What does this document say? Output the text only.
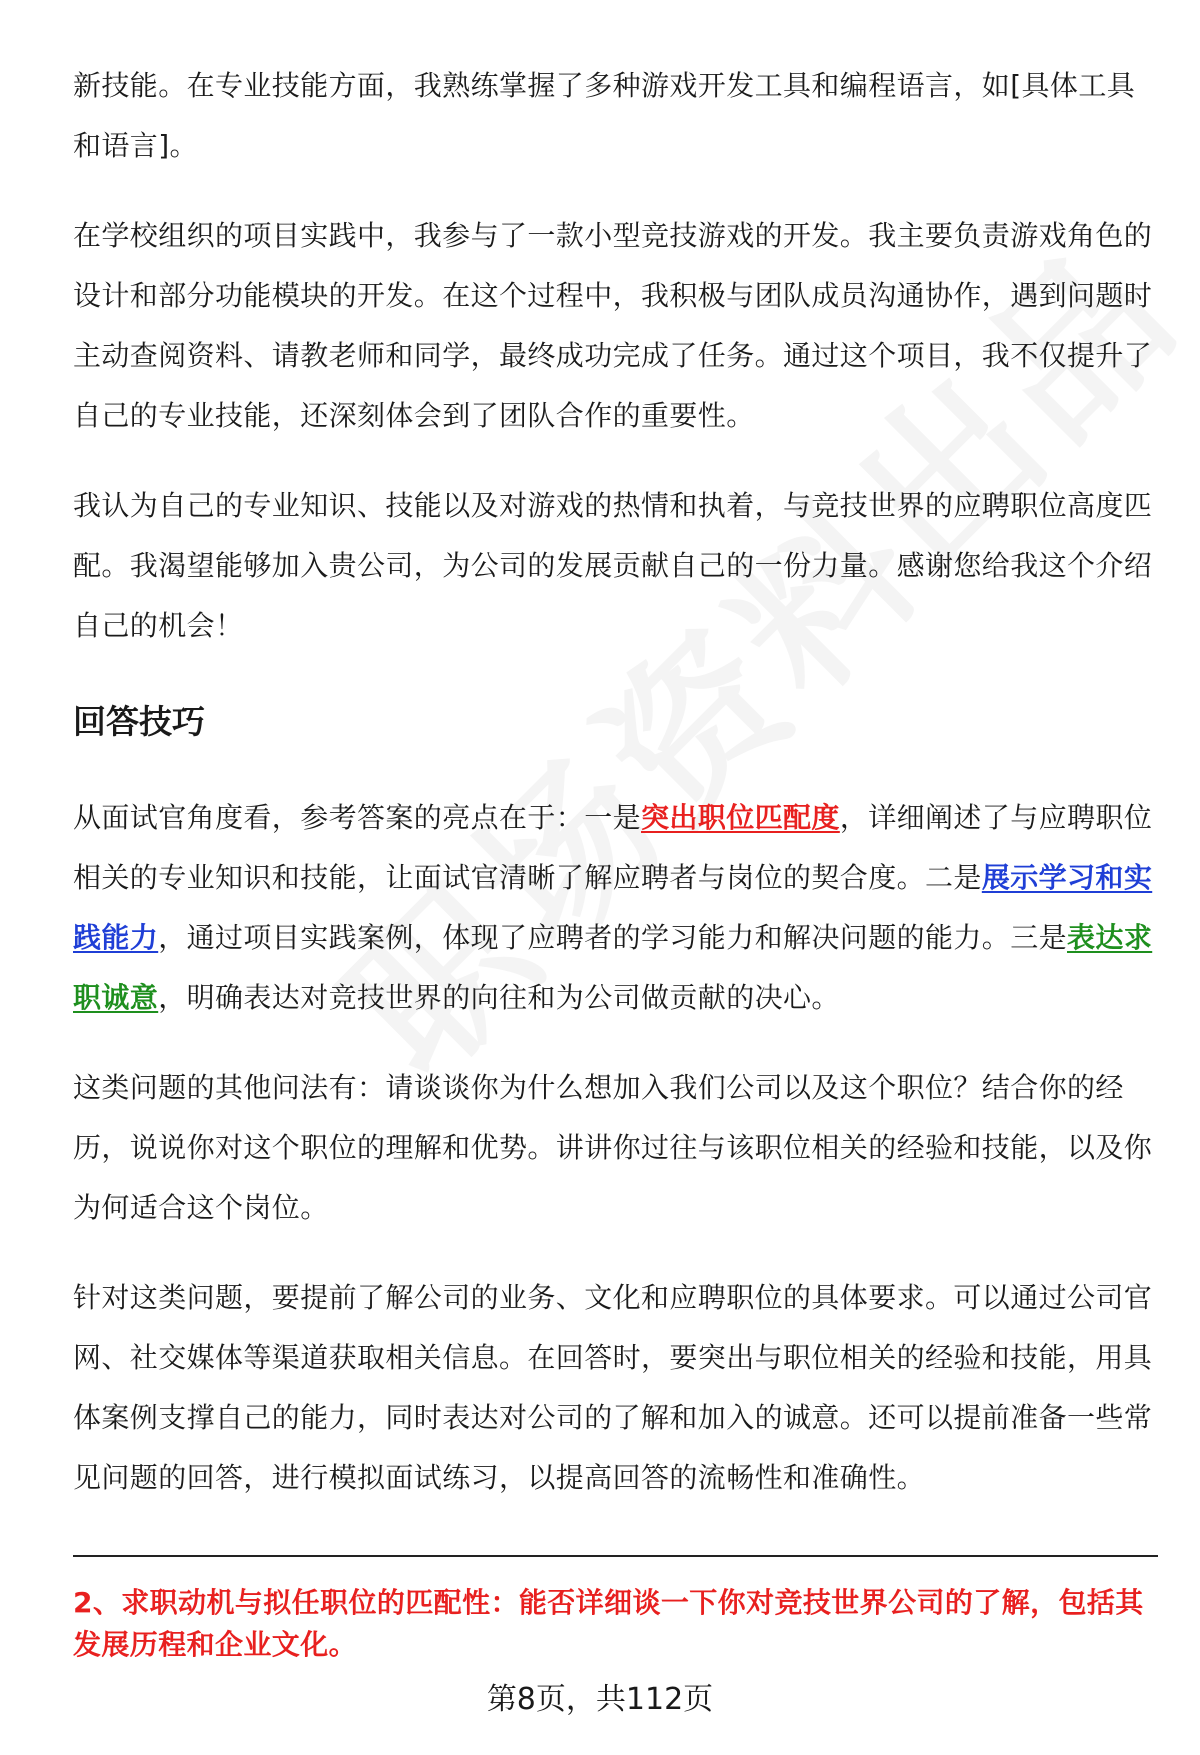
新技能。在专业技能方面，我熟练掌握了多种游戏开发工具和编程语言，如[具体工具和语言]。

在学校组织的项目实践中，我参与了一款小型竞技游戏的开发。我主要负责游戏角色的设计和部分功能模块的开发。在这个过程中，我积极与团队成员沟通协作，遇到问题时主动查阅资料、请教老师和同学，最终成功完成了任务。通过这个项目，我不仅提升了自己的专业技能，还深刻体会到了团队合作的重要性。

我认为自己的专业知识、技能以及对游戏的热情和执着，与竞技世界的应聘职位高度匹配。我渴望能够加入贵公司，为公司的发展贡献自己的一份力量。感谢您给我这个介绍自己的机会！

回答技巧

从面试官角度看，参考答案的亮点在于：一是突出职位匹配度，详细阐述了与应聘职位相关的专业知识和技能，让面试官清晰了解应聘者与岗位的契合度。二是展示学习和实践能力，通过项目实践案例，体现了应聘者的学习能力和解决问题的能力。三是表达求职诚意，明确表达对竞技世界的向往和为公司做贡献的决心。

这类问题的其他问法有：请谈谈你为什么想加入我们公司以及这个职位？结合你的经历，说说你对这个职位的理解和优势。讲讲你过往与该职位相关的经验和技能，以及你为何适合这个岗位。

针对这类问题，要提前了解公司的业务、文化和应聘职位的具体要求。可以通过公司官网、社交媒体等渠道获取相关信息。在回答时，要突出与职位相关的经验和技能，用具体案例支撑自己的能力，同时表达对公司的了解和加入的诚意。还可以提前准备一些常见问题的回答，进行模拟面试练习，以提高回答的流畅性和准确性。

2、求职动机与拟任职位的匹配性：能否详细谈一下你对竞技世界公司的了解，包括其发展历程和企业文化。

第8页，共112页
